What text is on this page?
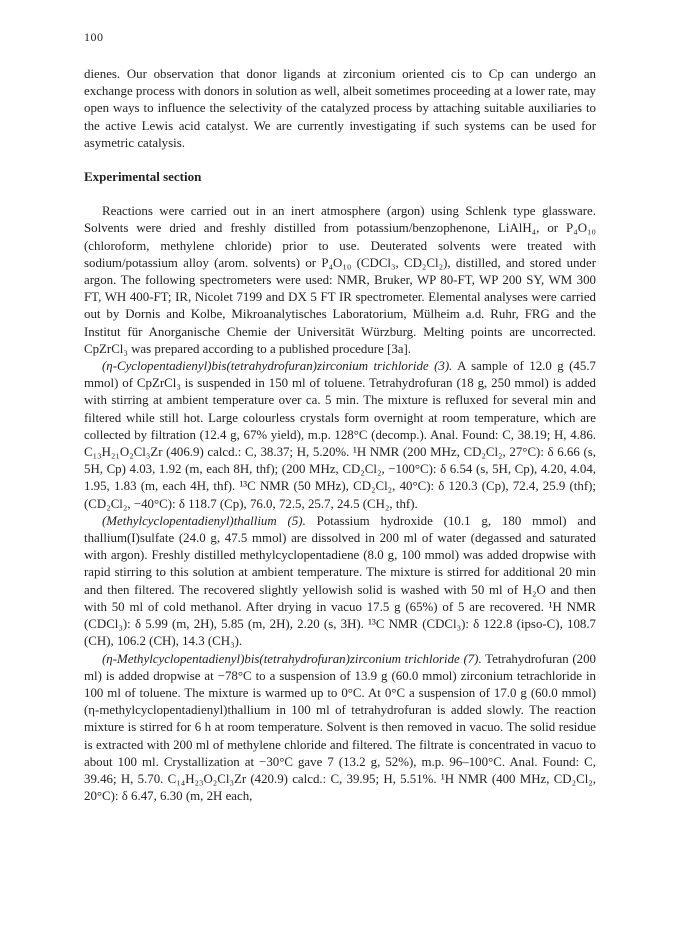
100

dienes. Our observation that donor ligands at zirconium oriented cis to Cp can undergo an exchange process with donors in solution as well, albeit sometimes proceeding at a lower rate, may open ways to influence the selectivity of the catalyzed process by attaching suitable auxiliaries to the active Lewis acid catalyst. We are currently investigating if such systems can be used for asymetric catalysis.

Experimental section

Reactions were carried out in an inert atmosphere (argon) using Schlenk type glassware. Solvents were dried and freshly distilled from potassium/benzophenone, LiAlH₄, or P₄O₁₀ (chloroform, methylene chloride) prior to use. Deuterated solvents were treated with sodium/potassium alloy (arom. solvents) or P₄O₁₀ (CDCl₃, CD₂Cl₂), distilled, and stored under argon. The following spectrometers were used: NMR, Bruker, WP 80-FT, WP 200 SY, WM 300 FT, WH 400-FT; IR, Nicolet 7199 and DX 5 FT IR spectrometer. Elemental analyses were carried out by Dornis and Kolbe, Mikroanalytisches Laboratorium, Mülheim a.d. Ruhr, FRG and the Institut für Anorganische Chemie der Universität Würzburg. Melting points are uncorrected. CpZrCl₃ was prepared according to a published procedure [3a].

(η-Cyclopentadienyl)bis(tetrahydrofuran)zirconium trichloride (3). A sample of 12.0 g (45.7 mmol) of CpZrCl₃ is suspended in 150 ml of toluene. Tetrahydrofuran (18 g, 250 mmol) is added with stirring at ambient temperature over ca. 5 min. The mixture is refluxed for several min and filtered while still hot. Large colourless crystals form overnight at room temperature, which are collected by filtration (12.4 g, 67% yield), m.p. 128°C (decomp.). Anal. Found: C, 38.19; H, 4.86. C₁₃H₂₁O₂Cl₃Zr (406.9) calcd.: C, 38.37; H, 5.20%. ¹H NMR (200 MHz, CD₂Cl₂, 27°C): δ 6.66 (s, 5H, Cp) 4.03, 1.92 (m, each 8H, thf); (200 MHz, CD₂Cl₂, −100°C): δ 6.54 (s, 5H, Cp), 4.20, 4.04, 1.95, 1.83 (m, each 4H, thf). ¹³C NMR (50 MHz), CD₂Cl₂, 40°C): δ 120.3 (Cp), 72.4, 25.9 (thf); (CD₂Cl₂, −40°C): δ 118.7 (Cp), 76.0, 72.5, 25.7, 24.5 (CH₂, thf).

(Methylcyclopentadienyl)thallium (5). Potassium hydroxide (10.1 g, 180 mmol) and thallium(I)sulfate (24.0 g, 47.5 mmol) are dissolved in 200 ml of water (degassed and saturated with argon). Freshly distilled methylcyclopentadiene (8.0 g, 100 mmol) was added dropwise with rapid stirring to this solution at ambient temperature. The mixture is stirred for additional 20 min and then filtered. The recovered slightly yellowish solid is washed with 50 ml of H₂O and then with 50 ml of cold methanol. After drying in vacuo 17.5 g (65%) of 5 are recovered. ¹H NMR (CDCl₃): δ 5.99 (m, 2H), 5.85 (m, 2H), 2.20 (s, 3H). ¹³C NMR (CDCl₃): δ 122.8 (ipso-C), 108.7 (CH), 106.2 (CH), 14.3 (CH₃).

(η-Methylcyclopentadienyl)bis(tetrahydrofuran)zirconium trichloride (7). Tetrahydrofuran (200 ml) is added dropwise at −78°C to a suspension of 13.9 g (60.0 mmol) zirconium tetrachloride in 100 ml of toluene. The mixture is warmed up to 0°C. At 0°C a suspension of 17.0 g (60.0 mmol) (η-methylcyclopentadienyl)thallium in 100 ml of tetrahydrofuran is added slowly. The reaction mixture is stirred for 6 h at room temperature. Solvent is then removed in vacuo. The solid residue is extracted with 200 ml of methylene chloride and filtered. The filtrate is concentrated in vacuo to about 100 ml. Crystallization at −30°C gave 7 (13.2 g, 52%), m.p. 96–100°C. Anal. Found: C, 39.46; H, 5.70. C₁₄H₂₃O₂Cl₃Zr (420.9) calcd.: C, 39.95; H, 5.51%. ¹H NMR (400 MHz, CD₂Cl₂, 20°C): δ 6.47, 6.30 (m, 2H each,
